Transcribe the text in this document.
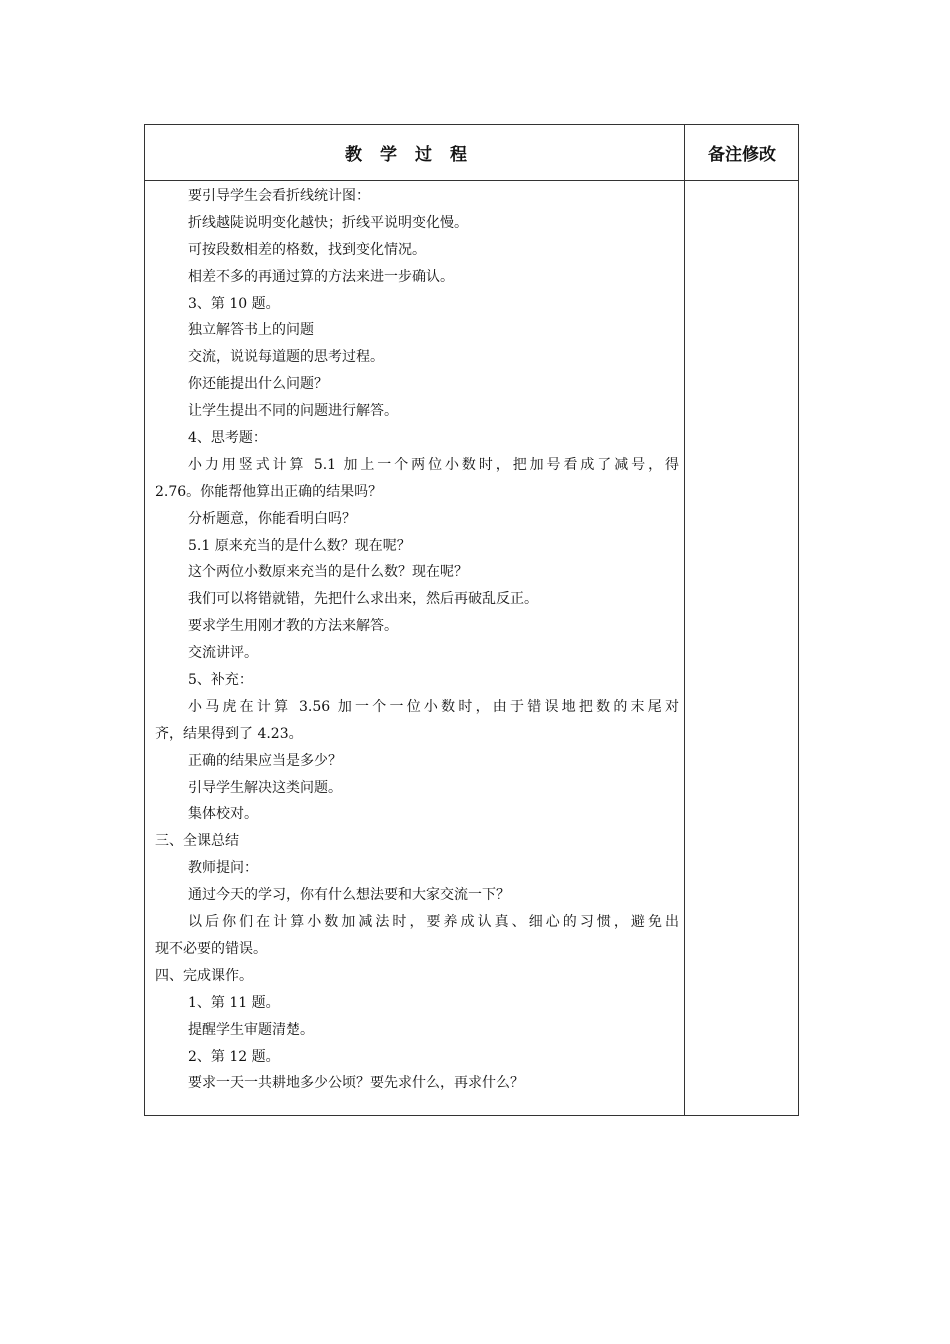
教学过程	备注修改
要引导学生会看折线统计图：
折线越陡说明变化越快；折线平说明变化慢。
可按段数相差的格数，找到变化情况。
相差不多的再通过算的方法来进一步确认。
3、第 10 题。
独立解答书上的问题
交流，说说每道题的思考过程。
你还能提出什么问题？
让学生提出不同的问题进行解答。
4、思考题：
小力用竖式计算 5.1 加上一个两位小数时，把加号看成了减号，得
2.76。你能帮他算出正确的结果吗？
分析题意，你能看明白吗？
5.1 原来充当的是什么数？现在呢？
这个两位小数原来充当的是什么数？现在呢？
我们可以将错就错，先把什么求出来，然后再破乱反正。
要求学生用刚才教的方法来解答。
交流讲评。
5、补充：
小马虎在计算 3.56 加一个一位小数时，由于错误地把数的末尾对
齐，结果得到了 4.23。
正确的结果应当是多少？
引导学生解决这类问题。
集体校对。
三、全课总结
教师提问：
通过今天的学习，你有什么想法要和大家交流一下？
以后你们在计算小数加减法时，要养成认真、细心的习惯，避免出
现不必要的错误。
四、完成课作。
1、第 11 题。
提醒学生审题清楚。
2、第 12 题。
要求一天一共耕地多少公顷？要先求什么，再求什么？
